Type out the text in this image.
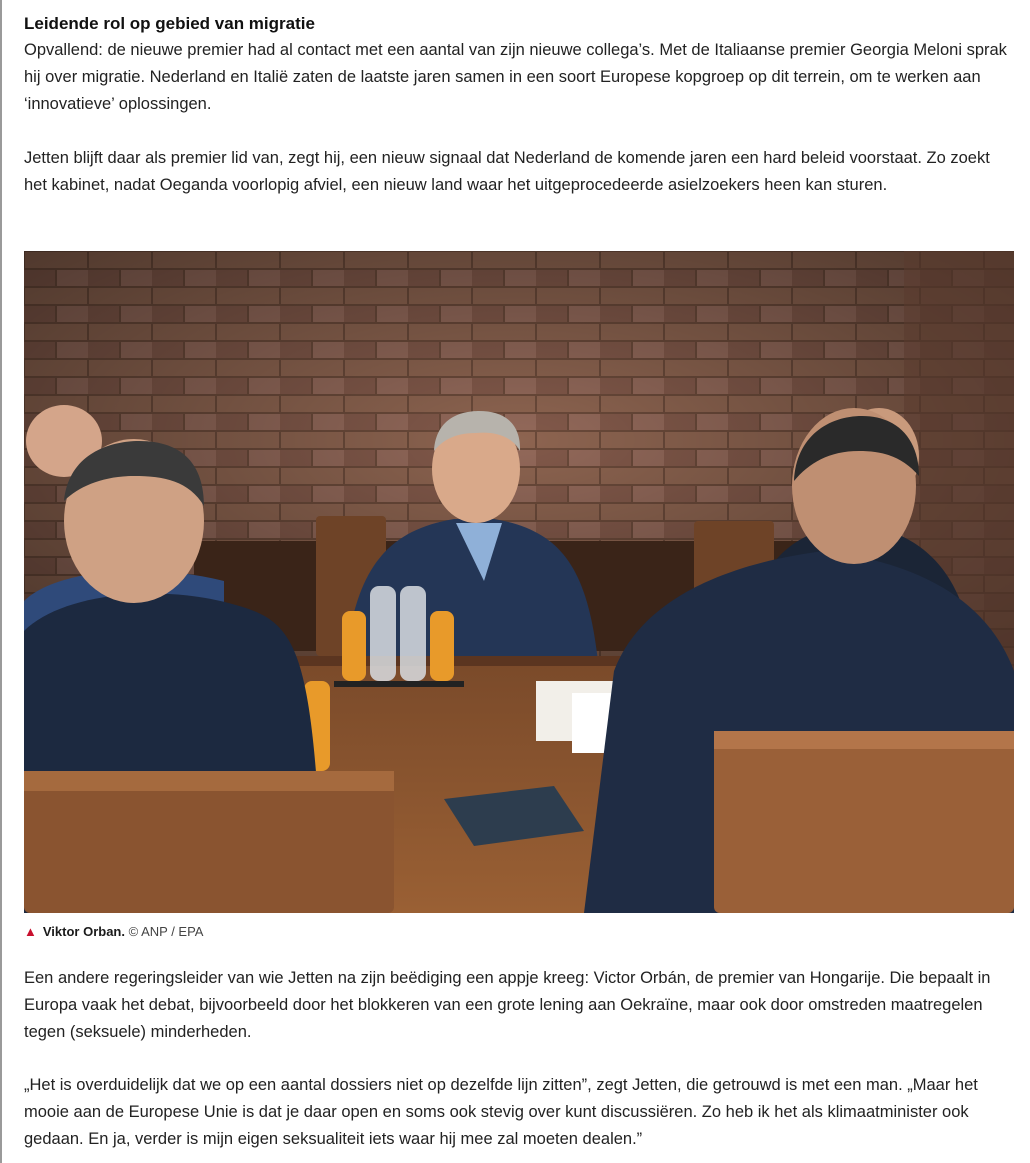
Leidende rol op gebied van migratie

Opvallend: de nieuwe premier had al contact met een aantal van zijn nieuwe collega’s. Met de Italiaanse premier Georgia Meloni sprak hij over migratie. Nederland en Italië zaten de laatste jaren samen in een soort Europese kopgroep op dit terrein, om te werken aan ‘innovatieve’ oplossingen.

Jetten blijft daar als premier lid van, zegt hij, een nieuw signaal dat Nederland de komende jaren een hard beleid voorstaat. Zo zoekt het kabinet, nadat Oeganda voorlopig afviel, een nieuw land waar het uitgeprocedeerde asielzoekers heen kan sturen.

▲ Viktor Orban. © ANP / EPA

Een andere regeringsleider van wie Jetten na zijn beëdiging een appje kreeg: Victor Orbán, de premier van Hongarije. Die bepaalt in Europa vaak het debat, bijvoorbeeld door het blokkeren van een grote lening aan Oekraïne, maar ook door omstreden maatregelen tegen (seksuele) minderheden.

„Het is overduidelijk dat we op een aantal dossiers niet op dezelfde lijn zitten”, zegt Jetten, die getrouwd is met een man. „Maar het mooie aan de Europese Unie is dat je daar open en soms ook stevig over kunt discussiëren. Zo heb ik het als klimaatminister ook gedaan. En ja, verder is mijn eigen seksualiteit iets waar hij mee zal moeten dealen.”
